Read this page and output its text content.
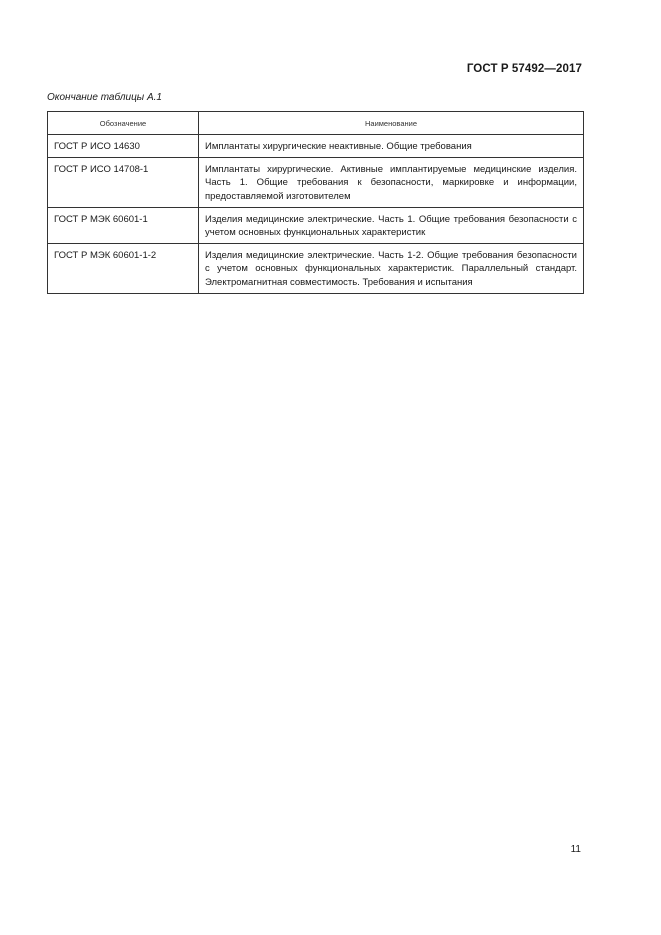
ГОСТ Р 57492—2017
Окончание таблицы А.1
Обозначение	Наименование
ГОСТ Р ИСО 14630	Имплантаты хирургические неактивные. Общие требования
ГОСТ Р ИСО 14708-1	Имплантаты хирургические. Активные имплантируемые медицинские изделия. Часть 1. Общие требования к безопасности, маркировке и информации, предоставляемой изготовителем
ГОСТ Р МЭК 60601-1	Изделия медицинские электрические. Часть 1. Общие требования безопасности с учетом основных функциональных характеристик
ГОСТ Р МЭК 60601-1-2	Изделия медицинские электрические. Часть 1-2. Общие требования безопасности с учетом основных функциональных характеристик. Параллельный стандарт. Электромагнитная совместимость. Требования и испытания
11
